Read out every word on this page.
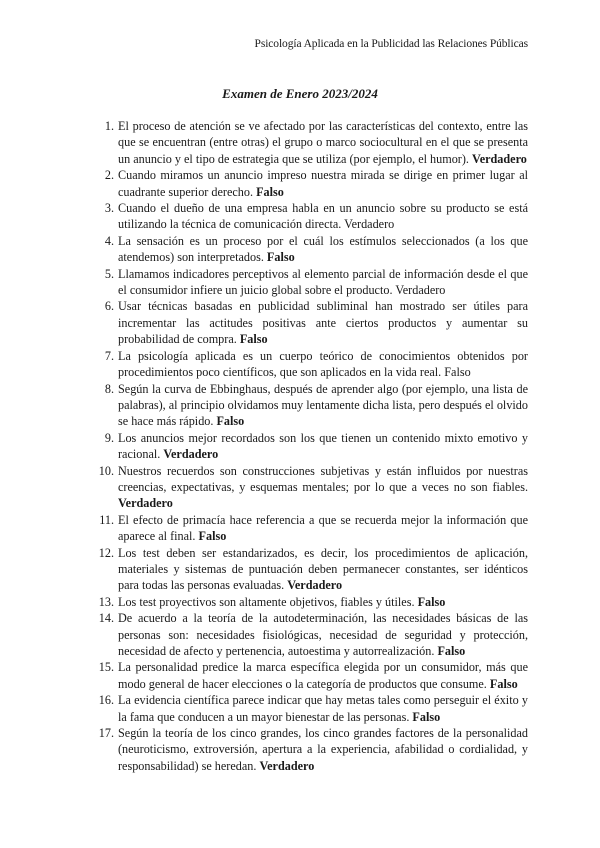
Psicología Aplicada en la Publicidad las Relaciones Públicas
Examen de Enero 2023/2024
1. El proceso de atención se ve afectado por las características del contexto, entre las que se encuentran (entre otras) el grupo o marco sociocultural en el que se presenta un anuncio y el tipo de estrategia que se utiliza (por ejemplo, el humor). Verdadero
2. Cuando miramos un anuncio impreso nuestra mirada se dirige en primer lugar al cuadrante superior derecho. Falso
3. Cuando el dueño de una empresa habla en un anuncio sobre su producto se está utilizando la técnica de comunicación directa. Verdadero
4. La sensación es un proceso por el cuál los estímulos seleccionados (a los que atendemos) son interpretados. Falso
5. Llamamos indicadores perceptivos al elemento parcial de información desde el que el consumidor infiere un juicio global sobre el producto. Verdadero
6. Usar técnicas basadas en publicidad subliminal han mostrado ser útiles para incrementar las actitudes positivas ante ciertos productos y aumentar su probabilidad de compra. Falso
7. La psicología aplicada es un cuerpo teórico de conocimientos obtenidos por procedimientos poco científicos, que son aplicados en la vida real. Falso
8. Según la curva de Ebbinghaus, después de aprender algo (por ejemplo, una lista de palabras), al principio olvidamos muy lentamente dicha lista, pero después el olvido se hace más rápido. Falso
9. Los anuncios mejor recordados son los que tienen un contenido mixto emotivo y racional. Verdadero
10. Nuestros recuerdos son construcciones subjetivas y están influidos por nuestras creencias, expectativas, y esquemas mentales; por lo que a veces no son fiables. Verdadero
11. El efecto de primacía hace referencia a que se recuerda mejor la información que aparece al final. Falso
12. Los test deben ser estandarizados, es decir, los procedimientos de aplicación, materiales y sistemas de puntuación deben permanecer constantes, ser idénticos para todas las personas evaluadas. Verdadero
13. Los test proyectivos son altamente objetivos, fiables y útiles. Falso
14. De acuerdo a la teoría de la autodeterminación, las necesidades básicas de las personas son: necesidades fisiológicas, necesidad de seguridad y protección, necesidad de afecto y pertenencia, autoestima y autorrealización. Falso
15. La personalidad predice la marca específica elegida por un consumidor, más que modo general de hacer elecciones o la categoría de productos que consume. Falso
16. La evidencia científica parece indicar que hay metas tales como perseguir el éxito y la fama que conducen a un mayor bienestar de las personas. Falso
17. Según la teoría de los cinco grandes, los cinco grandes factores de la personalidad (neuroticismo, extroversión, apertura a la experiencia, afabilidad o cordialidad, y responsabilidad) se heredan. Verdadero
